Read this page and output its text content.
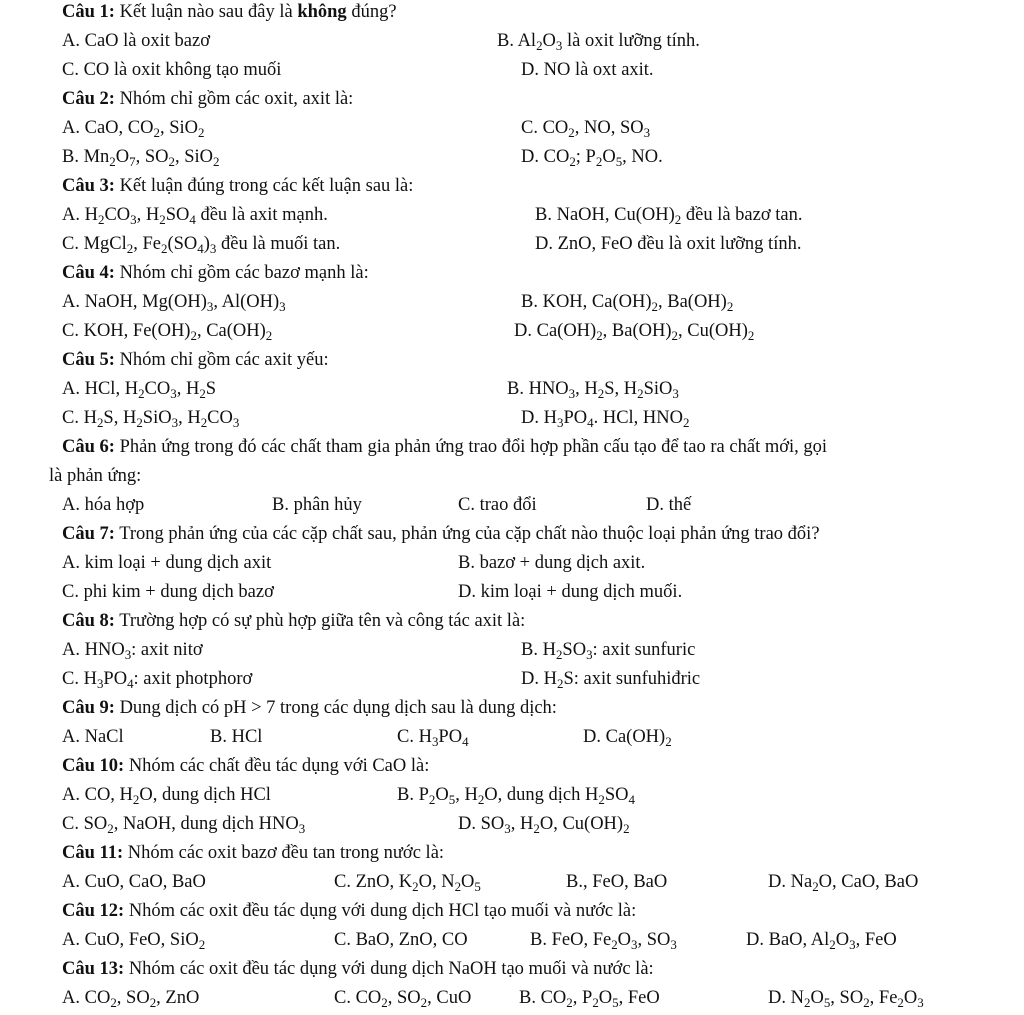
Câu 1: Kết luận nào sau đây là không đúng?
A. CaO là oxit bazơ	B. $Al_2O_3$ là oxit lưỡng tính.
C. CO là oxit không tạo muối	D. NO là oxt axit.
Câu 2: Nhóm chỉ gồm các oxit, axit là:
A. CaO, $CO_2$, SiO$_2$	C. $CO_2$, NO, $SO_3$
B. $Mn_2O_7$, $SO_2$, SiO$_2$	D. $CO_2$; $P_2O_5$, NO.
Câu 3: Kết luận đúng trong các kết luận sau là:
A. $H_2CO_3$, $H_2SO_4$ đều là axit mạnh.	B. NaOH, $Cu(OH)_2$ đều là bazơ tan.
C. MgCl$_2$, $Fe_2(SO_4)_3$ đều là muối tan.	D. ZnO, FeO đều là oxit lưỡng tính.
Câu 4: Nhóm chỉ gồm các bazơ mạnh là:
A. NaOH, $Mg(OH)_3$, $Al(OH)_3$	B. KOH, $Ca(OH)_2$, $Ba(OH)_2$
C. KOH, $Fe(OH)_2$, $Ca(OH)_2$	D. $Ca(OH)_2$, $Ba(OH)_2$, $Cu(OH)_2$
Câu 5: Nhóm chỉ gồm các axit yếu:
A. HCl, $H_2CO_3$, $H_2S$	B. $HNO_3$, $H_2S$, $H_2SiO_3$
C. $H_2S$, $H_2SiO_3$, $H_2CO_3$	D. $H_3PO_4$. HCl, $HNO_2$
Câu 6: Phản ứng trong đó các chất tham gia phản ứng trao đổi hợp phần cấu tạo để tao ra chất mới, gọi
là phản ứng:
A. hóa hợp	B. phân hủy	C. trao đổi	D. thế
Câu 7: Trong phản ứng của các cặp chất sau, phản ứng của cặp chất nào thuộc loại phản ứng trao đổi?
A. kim loại + dung dịch axit	B. bazơ + dung dịch axit.
C. phi kim + dung dịch bazơ	D. kim loại + dung dịch muối.
Câu 8: Trường hợp có sự phù hợp giữa tên và công tác axit là:
A. $HNO_3$: axit nitơ	B. $H_2SO_3$: axit sunfuric
C. $H_3PO_4$: axit photphorơ	D. $H_2S$: axit sunfuhiđric
Câu 9: Dung dịch có pH > 7 trong các dụng dịch sau là dung dịch:
A. NaCl	B. HCl	C. $H_3PO_4$	D. $Ca(OH)_2$
Câu 10: Nhóm các chất đều tác dụng với CaO là:
A. CO, $H_2O$, dung dịch HCl	B. $P_2O_5$, $H_2O$, dung dịch $H_2SO_4$
C. $SO_2$, NaOH, dung dịch $HNO_3$	D. $SO_3$, $H_2O$, $Cu(OH)_2$
Câu 11: Nhóm các oxit bazơ đều tan trong nước là:
A. CuO, CaO, BaO	C. ZnO, $K_2O$, $N_2O_5$	B., FeO, BaO	D. $Na_2O$, CaO, BaO
Câu 12: Nhóm các oxit đều tác dụng với dung dịch HCl tạo muối và nước là:
A. CuO, FeO, SiO$_2$	C. BaO, ZnO, CO	B. FeO, $Fe_2O_3$, $SO_3$	D. BaO, $Al_2O_3$, FeO
Câu 13: Nhóm các oxit đều tác dụng với dung dịch NaOH tạo muối và nước là:
A. $CO_2$, $SO_2$, ZnO	C. $CO_2$, $SO_2$, CuO	B. $CO_2$, $P_2O_5$, FeO	D. $N_2O_5$, $SO_2$, $Fe_2O_3$
